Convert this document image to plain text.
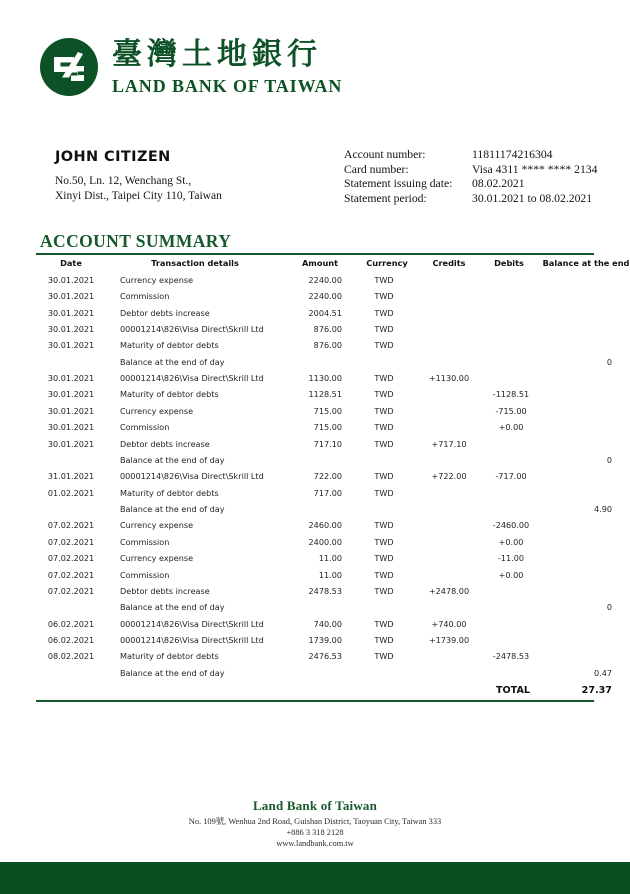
臺灣土地銀行
LAND BANK OF TAIWAN
JOHN CITIZEN
No.50, Ln. 12, Wenchang St.,
Xinyi Dist., Taipei City 110, Taiwan
Account number:	11811174216304
Card number:	Visa 4311 **** **** 2134
Statement issuing date:	08.02.2021
Statement period:	30.01.2021 to 08.02.2021
ACCOUNT SUMMARY
Date	Transaction details	Amount	Currency	Credits	Debits	Balance at the end
30.01.2021	Currency expense	2240.00	TWD			
30.01.2021	Commission	2240.00	TWD			
30.01.2021	Debtor debts increase	2004.51	TWD			
30.01.2021	00001214\826\Visa Direct\Skrill Ltd	876.00	TWD			
30.01.2021	Maturity of debtor debts	876.00	TWD			
	Balance at the end of day					0
30.01.2021	00001214\826\Visa Direct\Skrill Ltd	1130.00	TWD	+1130.00		
30.01.2021	Maturity of debtor debts	1128.51	TWD		-1128.51	
30.01.2021	Currency expense	715.00	TWD		-715.00	
30.01.2021	Commission	715.00	TWD		+0.00	
30.01.2021	Debtor debts increase	717.10	TWD	+717.10		
	Balance at the end of day					0
31.01.2021	00001214\826\Visa Direct\Skrill Ltd	722.00	TWD	+722.00	-717.00	
01.02.2021	Maturity of debtor debts	717.00	TWD			
	Balance at the end of day					4.90
07.02.2021	Currency expense	2460.00	TWD		-2460.00	
07.02.2021	Commission	2400.00	TWD		+0.00	
07.02.2021	Currency expense	11.00	TWD		-11.00	
07.02.2021	Commission	11.00	TWD		+0.00	
07.02.2021	Debtor debts increase	2478.53	TWD	+2478.00		
	Balance at the end of day					0
06.02.2021	00001214\826\Visa Direct\Skrill Ltd	740.00	TWD	+740.00		
06.02.2021	00001214\826\Visa Direct\Skrill Ltd	1739.00	TWD	+1739.00		
08.02.2021	Maturity of debtor debts	2476.53	TWD		-2478.53	
	Balance at the end of day					0.47
					TOTAL	27.37
Land Bank of Taiwan
No. 109號, Wenhua 2nd Road, Guishan District, Taoyuan City, Taiwan 333
+886 3 318 2128
www.landbank.com.tw
